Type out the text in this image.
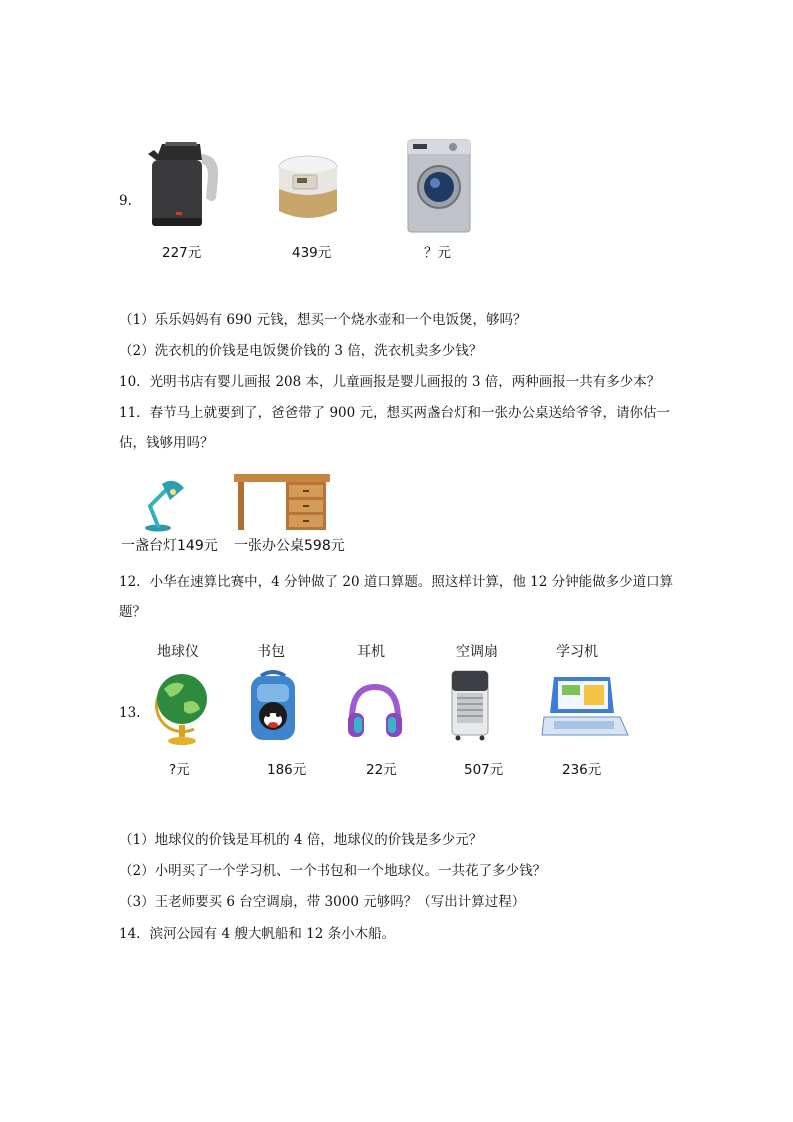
9.
227元	439元	？元
（1）乐乐妈妈有 690 元钱，想买一个烧水壶和一个电饭煲，够吗？
（2）洗衣机的价钱是电饭煲价钱的 3 倍，洗衣机卖多少钱？
10．光明书店有婴儿画报 208 本，儿童画报是婴儿画报的 3 倍，两种画报一共有多少本？
11．春节马上就要到了，爸爸带了 900 元，想买两盏台灯和一张办公桌送给爷爷，请你估一
估，钱够用吗？
一盏台灯149元 一张办公桌598元
12．小华在速算比赛中，4 分钟做了 20 道口算题。照这样计算，他 12 分钟能做多少道口算
题？
地球仪	书包	耳机	空调扇	学习机
13.
?元	186元	22元	507元	236元
（1）地球仪的价钱是耳机的 4 倍，地球仪的价钱是多少元？
（2）小明买了一个学习机、一个书包和一个地球仪。一共花了多少钱？
（3）王老师要买 6 台空调扇，带 3000 元够吗？（写出计算过程）
14．滨河公园有 4 艘大帆船和 12 条小木船。
